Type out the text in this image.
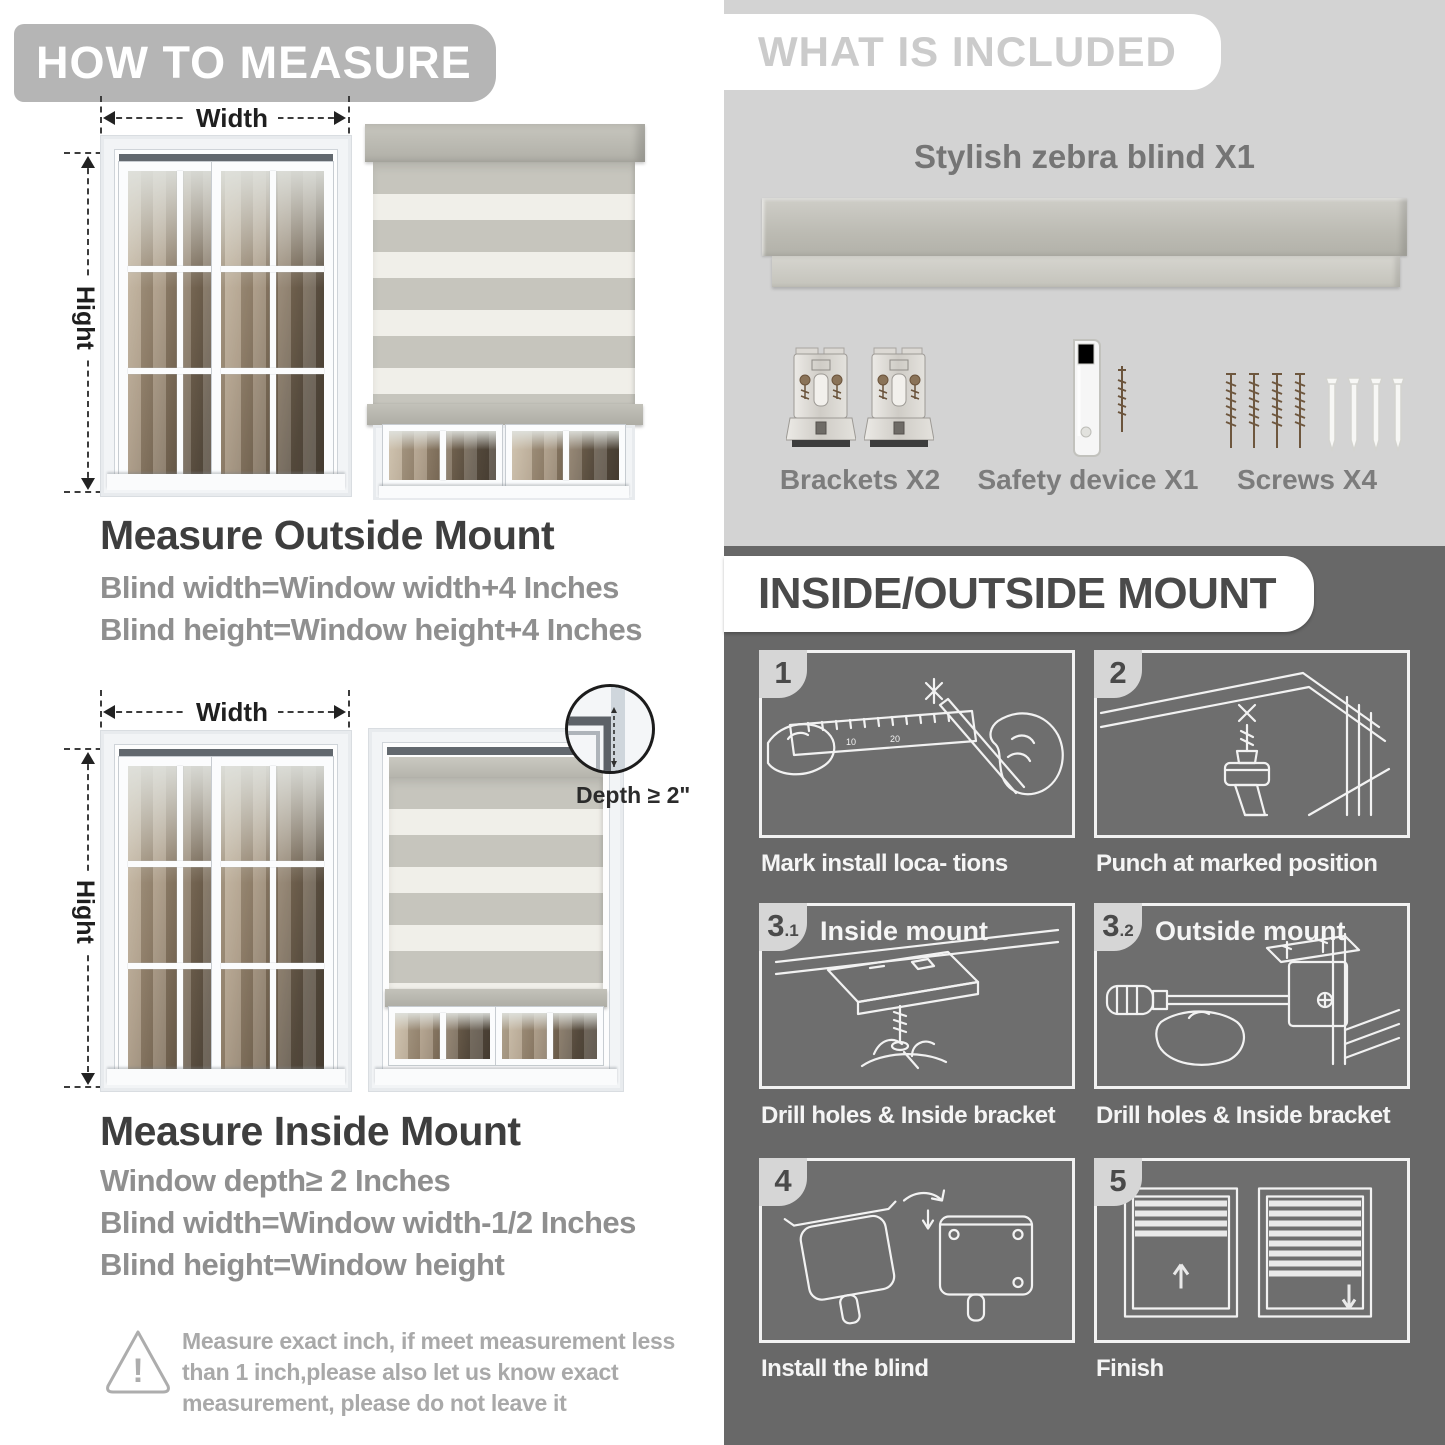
HOW TO MEASURE
Width
Hight
Measure Outside Mount
Blind width=Window width+4 Inches
Blind height=Window height+4 Inches
Width
Hight
Depth ≥ 2"
Measure Inside Mount
Window depth≥ 2 Inches
Blind width=Window width-1/2 Inches
Blind height=Window height
!
Measure exact inch, if meet measurement less than 1 inch,please also let us know exact measurement, please do not leave it
WHAT IS INCLUDED
Stylish zebra blind X1
Brackets X2	Safety device X1	Screws X4
INSIDE/OUTSIDE MOUNT
10	20
1
Mark install loca- tions
2
Punch at marked position
3 .1 Inside mount
Drill holes & Inside bracket
3 .2 Outside mount
Drill holes & Inside bracket
4
Install the blind
5
Finish
